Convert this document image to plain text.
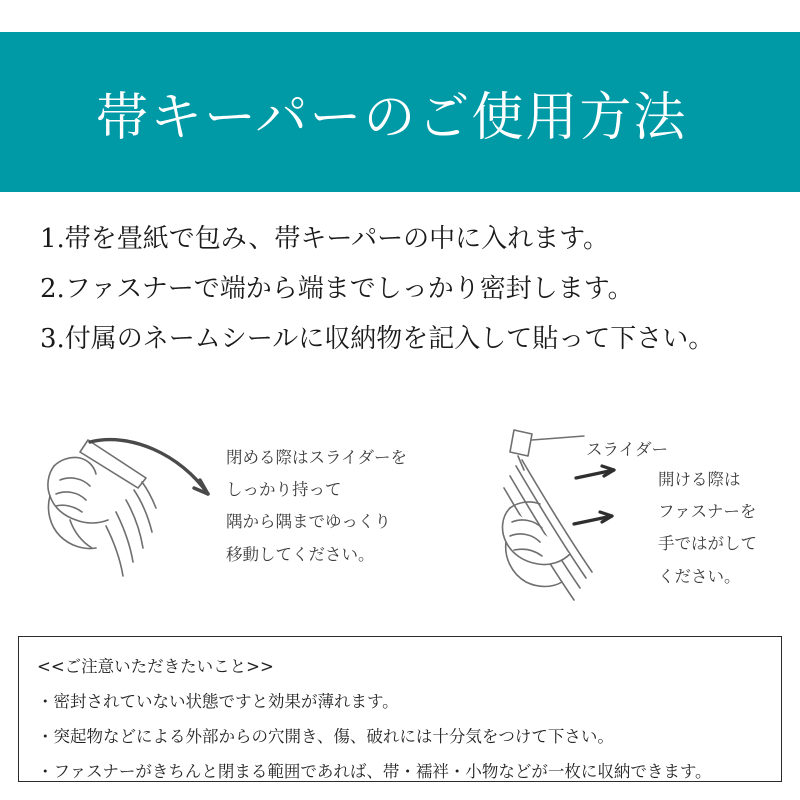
帯キーパーのご使用方法
1.帯を畳紙で包み、帯キーパーの中に入れます。
2.ファスナーで端から端までしっかり密封します。
3.付属のネームシールに収納物を記入して貼って下さい。
閉める際はスライダーを
しっかり持って
隅から隅までゆっくり
移動してください。
スライダー
開ける際は
ファスナーを
手ではがして
ください。
<<ご注意いただきたいこと>>
・密封されていない状態ですと効果が薄れます。
・突起物などによる外部からの穴開き、傷、破れには十分気をつけて下さい。
・ファスナーがきちんと閉まる範囲であれば、帯・襦袢・小物などが一枚に収納できます。
